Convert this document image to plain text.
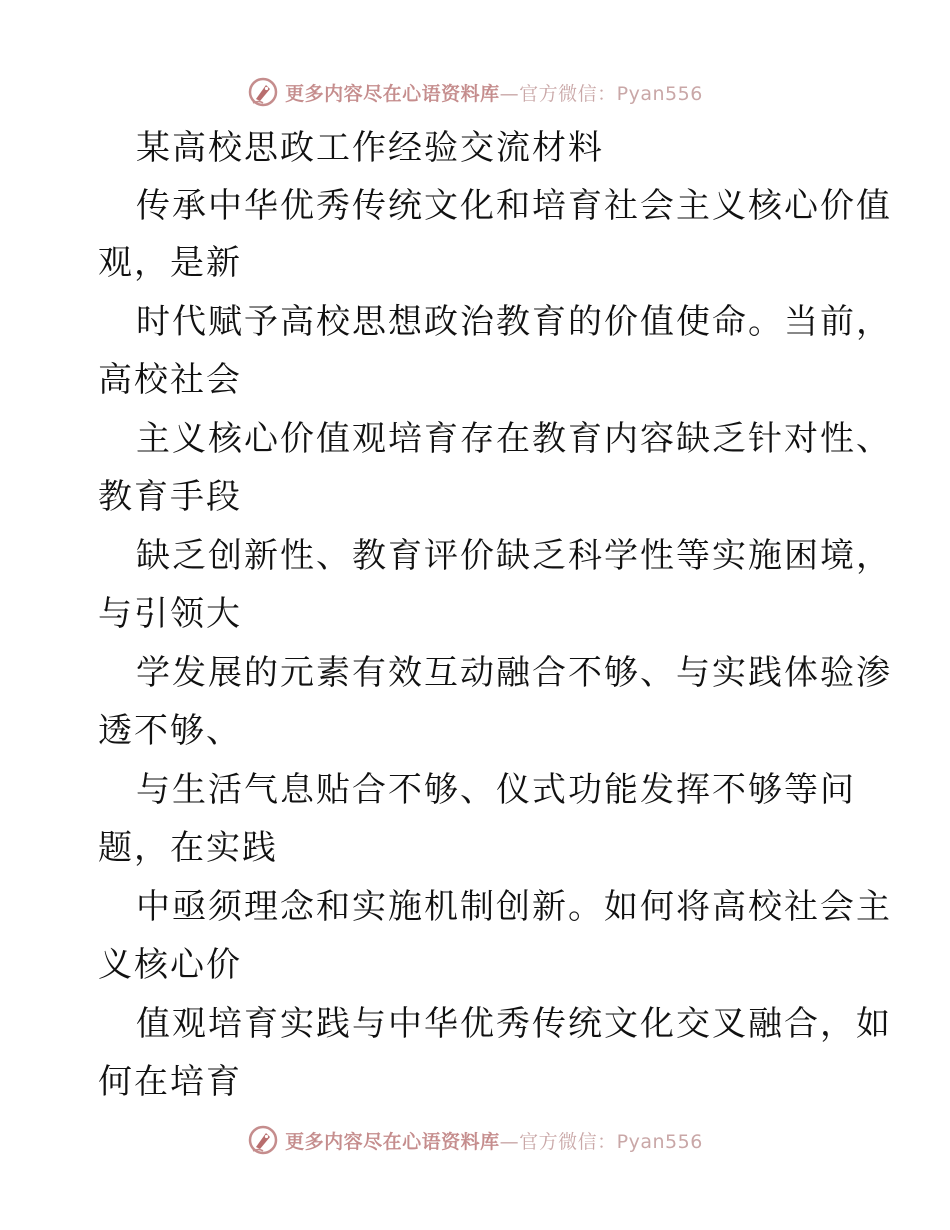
更多内容尽在心语资料库—官方微信：Pyan556
某高校思政工作经验交流材料
传承中华优秀传统文化和培育社会主义核心价值
观，是新
时代赋予高校思想政治教育的价值使命。当前，
高校社会
主义核心价值观培育存在教育内容缺乏针对性、
教育手段
缺乏创新性、教育评价缺乏科学性等实施困境，
与引领大
学发展的元素有效互动融合不够、与实践体验渗
透不够、
与生活气息贴合不够、仪式功能发挥不够等问
题，在实践
中亟须理念和实施机制创新。如何将高校社会主
义核心价
值观培育实践与中华优秀传统文化交叉融合，如
何在培育
更多内容尽在心语资料库—官方微信：Pyan556
